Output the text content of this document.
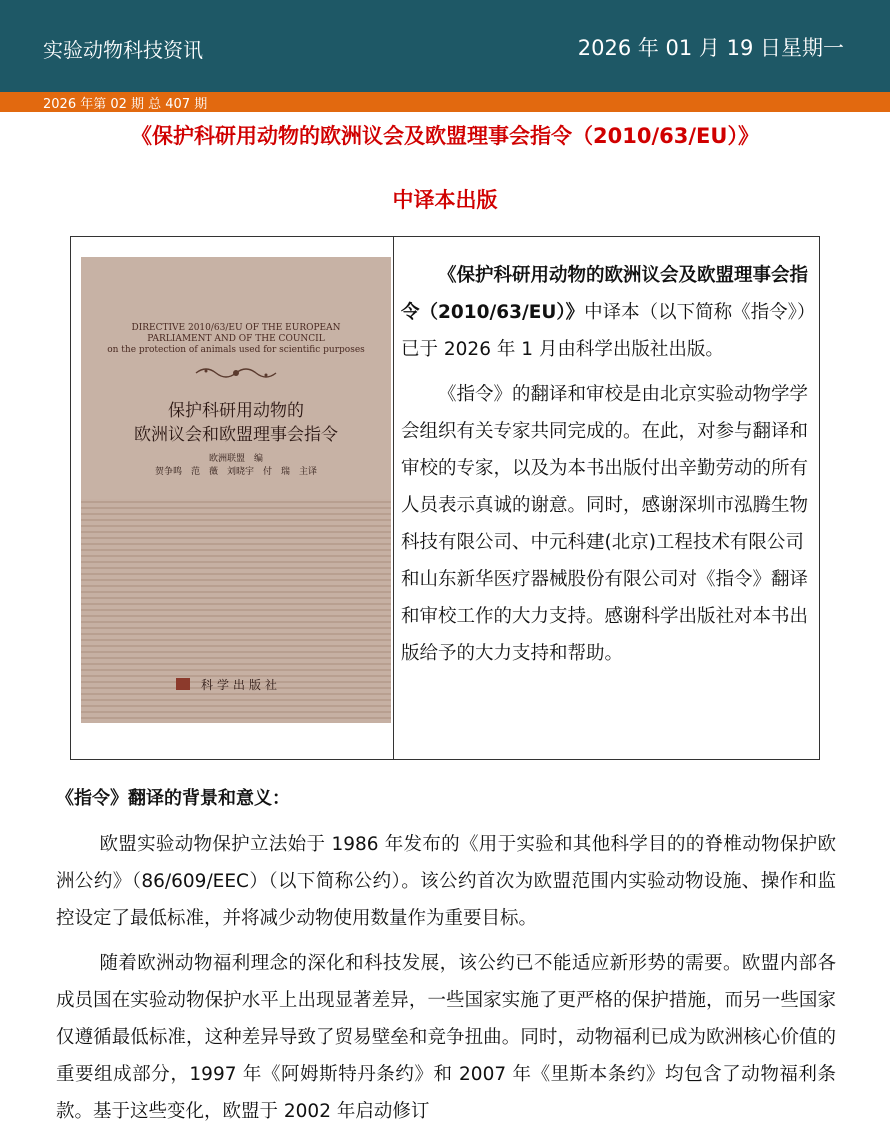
实验动物科技资讯	2026 年 01 月 19 日星期一
2026 年第 02 期 总 407 期
《保护科研用动物的欧洲议会及欧盟理事会指令（2010/63/EU）》
中译本出版
DIRECTIVE 2010/63/EU OF THE EUROPEAN
PARLIAMENT AND OF THE COUNCIL
on the protection of animals used for scientific purposes
保护科研用动物的
欧洲议会和欧盟理事会指令
欧洲联盟　编
贺争鸣　范　薇　刘晓宇　付　瑞　主译
科学出版社

《保护科研用动物的欧洲议会及欧盟理事会指令（2010/63/EU）》中译本（以下简称《指令》）已于 2026 年 1 月由科学出版社出版。

《指令》的翻译和审校是由北京实验动物学学会组织有关专家共同完成的。在此，对参与翻译和审校的专家，以及为本书出版付出辛勤劳动的所有人员表示真诚的谢意。同时，感谢深圳市泓腾生物科技有限公司、中元科建(北京)工程技术有限公司和山东新华医疗器械股份有限公司对《指令》翻译和审校工作的大力支持。感谢科学出版社对本书出版给予的大力支持和帮助。

《指令》翻译的背景和意义：

欧盟实验动物保护立法始于 1986 年发布的《用于实验和其他科学目的的脊椎动物保护欧洲公约》（86/609/EEC）（以下简称公约）。该公约首次为欧盟范围内实验动物设施、操作和监控设定了最低标准，并将减少动物使用数量作为重要目标。

随着欧洲动物福利理念的深化和科技发展，该公约已不能适应新形势的需要。欧盟内部各成员国在实验动物保护水平上出现显著差异，一些国家实施了更严格的保护措施，而另一些国家仅遵循最低标准，这种差异导致了贸易壁垒和竞争扭曲。同时，动物福利已成为欧洲核心价值的重要组成部分，1997 年《阿姆斯特丹条约》和 2007 年《里斯本条约》均包含了动物福利条款。基于这些变化，欧盟于 2002 年启动修订
